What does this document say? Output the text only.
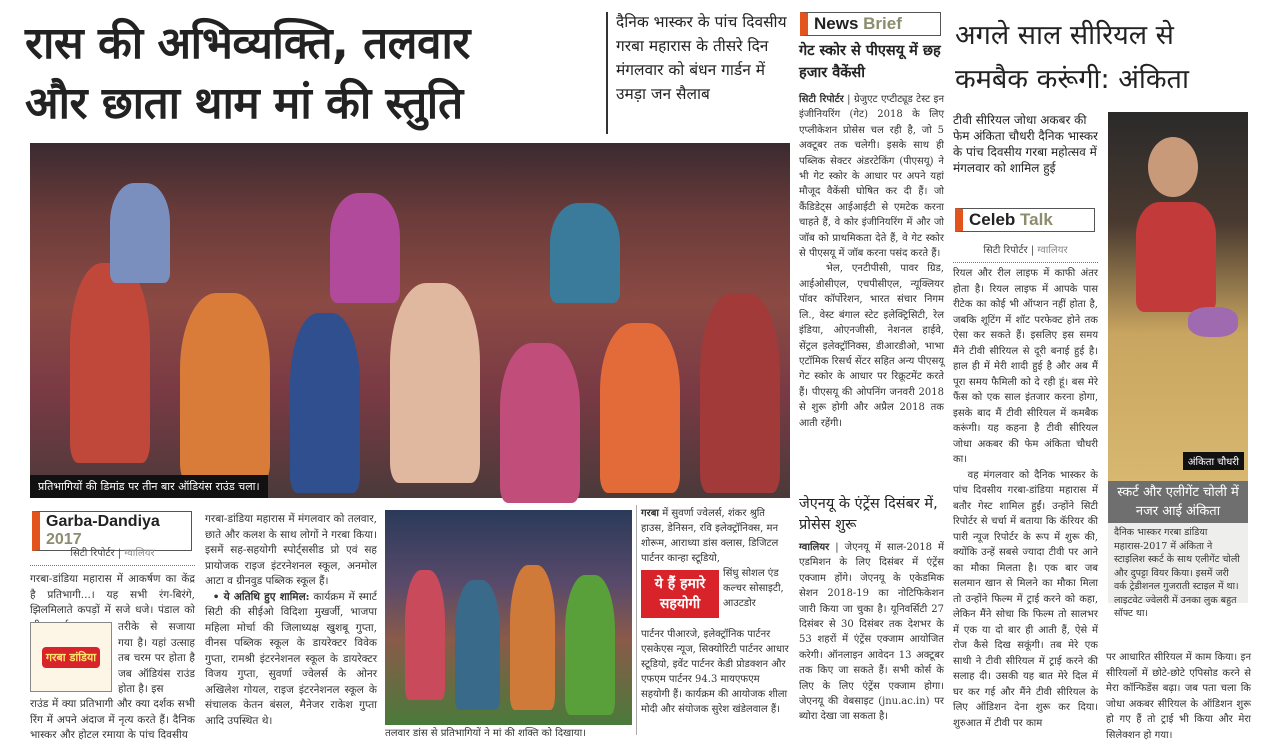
रास की अभिव्यक्ति, तलवार
और छाता थाम मां की स्तुति
दैनिक भास्कर के पांच दिवसीय गरबा महारास के तीसरे दिन मंगलवार को बंधन गार्डन में उमड़ा जन सैलाब
प्रतिभागियों की डिमांड पर तीन बार ऑडियंस राउंड चला।
Garba-Dandiya 2017
सिटी रिपोर्टर | ग्वालियर
गरबा-डांडिया महारास में आकर्षण का केंद्र है प्रतिभागी...। यह सभी रंग-बिरंगे, झिलमिलाते कपड़ों में सजे धजे। पंडाल को
गरबा डांडिया
तरीके से सजाया गया है। यहां उत्साह तब चरम पर होता है जब ऑडियंस राउंड होता है। इस
राउंड में क्या प्रतिभागी और क्या दर्शक सभी रिंग में अपने अंदाज में नृत्य करते हैं। दैनिक भास्कर और होटल रमाया के पांच दिवसीय
गरबा-डांडिया महारास में मंगलवार को तलवार, छाते और कलश के साथ लोगों ने गरबा किया। इसमें सह-सहयोगी स्पोर्ट्ससीड प्रो एवं सह प्रायोजक राइज इंटरनेशनल स्कूल, अनमोल आटा व ग्रीनवुड पब्लिक स्कूल हैं।
• ये अतिथि हुए शामिल: कार्यक्रम में स्मार्ट सिटी की सीईओ विदिशा मुखर्जी, भाजपा महिला मोर्चा की जिलाध्यक्ष खुशबू गुप्ता, वीनस पब्लिक स्कूल के डायरेक्टर विवेक गुप्ता, रामश्री इंटरनेशनल स्कूल के डायरेक्टर विजय गुप्ता, सुवर्णा ज्वेलर्स के ओनर अखिलेश गोयल, राइज इंटरनेशनल स्कूल के संचालक केतन बंसल, मैनेजर राकेश गुप्ता आदि उपस्थित थे।
तलवार डांस से प्रतिभागियों ने मां की शक्ति को दिखाया।
गरबा में सुवर्णा ज्वेलर्स, शंकर श्रुति हाउस, डेनिसन, रवि इलेक्ट्रॉनिक्स, मन शोरूम, आराध्या डांस क्लास, डिजिटल पार्टनर कान्हा स्टूडियो,
ये हैं हमारे सहयोगी
सिंधु सोशल एंड कल्चर सोसाइटी, आउटडोर
पार्टनर पीआरजे, इलेक्ट्रॉनिक पार्टनर एसकेएस न्यूज, सिक्योरिटी पार्टनर आधार स्टूडियो, इवेंट पार्टनर केडी प्रोडक्शन और एफएम पार्टनर 94.3 मायएफएम सहयोगी हैं। कार्यक्रम की आयोजक शीला मोदी और संयोजक सुरेश खंडेलवाल हैं।
News Brief
गेट स्कोर से पीएसयू में छह हजार वैकेंसी
सिटी रिपोर्टर | ग्रेजुएट एप्टीट्यूड टेस्ट इन इंजीनियरिंग (गेट) 2018 के लिए एप्लीकेशन प्रोसेस चल रही है, जो 5 अक्टूबर तक चलेगी। इसके साथ ही पब्लिक सेक्टर अंडरटेकिंग (पीएसयू) ने भी गेट स्कोर के आधार पर अपने यहां मौजूद वैकेंसी घोषित कर दी हैं। जो कैंडिडेट्स आईआईटी से एमटेक करना चाहते हैं, वे कोर इंजीनियरिंग में और जो जॉब को प्राथमिकता देते हैं, वे गेट स्कोर से पीएसयू में जॉब करना पसंद करते हैं।
भेल, एनटीपीसी, पावर ग्रिड, आईओसीएल, एचपीसीएल, न्यूक्लियर पॉवर कॉर्पोरेशन, भारत संचार निगम लि., वेस्ट बंगाल स्टेट इलेक्ट्रिसिटी, रेल इंडिया, ओएनजीसी, नेशनल हाईवे, सेंट्रल इलेक्ट्रॉनिक्स, डीआरडीओ, भाभा एटॉमिक रिसर्च सेंटर सहित अन्य पीएसयू गेट स्कोर के आधार पर रिक्रूटमेंट करते हैं। पीएसयू की ओपनिंग जनवरी 2018 से शुरू होगी और अप्रैल 2018 तक आती रहेंगी।
जेएनयू के एंट्रेंस दिसंबर में, प्रोसेस शुरू
ग्वालियर | जेएनयू में साल-2018 में एडमिशन के लिए दिसंबर में एंट्रेंस एक्जाम होंगे। जेएनयू के एकेडमिक सेशन 2018-19 का नोटिफिकेशन जारी किया जा चुका है। यूनिवर्सिटी 27 दिसंबर से 30 दिसंबर तक देशभर के 53 शहरों में एंट्रेंस एक्जाम आयोजित करेगी। ऑनलाइन आवेदन 13 अक्टूबर तक किए जा सकते हैं। सभी कोर्स के लिए के लिए एंट्रेंस एक्जाम होगा। जेएनयू की वेबसाइट (jnu.ac.in) पर ब्योरा देखा जा सकता है।
अगले साल सीरियल से
कमबैक करूंगी: अंकिता
टीवी सीरियल जोधा अकबर की फेम अंकिता चौधरी दैनिक भास्कर के पांच दिवसीय गरबा महोत्सव में मंगलवार को शामिल हुई
Celeb Talk
सिटी रिपोर्टर | ग्वालियर
रियल और रील लाइफ में काफी अंतर होता है। रियल लाइफ में आपके पास रीटेक का कोई भी ऑप्शन नहीं होता है, जबकि शूटिंग में शॉट परफेक्ट होने तक ऐसा कर सकते हैं। इसलिए इस समय मैंने टीवी सीरियल से दूरी बनाई हुई है। हाल ही में मेरी शादी हुई है और अब मैं पूरा समय फैमिली को दे रही हूं। बस मेरे फैंस को एक साल इंतजार करना होगा, इसके बाद मैं टीवी सीरियल में कमबैक करूंगी। यह कहना है टीवी सीरियल जोधा अकबर की फेम अंकिता चौधरी का।
वह मंगलवार को दैनिक भास्कर के पांच दिवसीय गरबा-डांडिया महारास में बतौर गेस्ट शामिल हुईं। उन्होंने सिटी रिपोर्टर से चर्चा में बताया कि कॅरियर की पारी न्यूज रिपोर्टर के रूप में शुरू की, क्योंकि उन्हें सबसे ज्यादा टीवी पर आने का मौका मिलता है। एक बार जब सलमान खान से मिलने का मौका मिला तो उन्होंने फिल्म में ट्राई करने को कहा, लेकिन मैंने सोचा कि फिल्म तो सालभर में एक या दो बार ही आती हैं, ऐसे में रोज कैसे दिख सकूंगी। तब मेरे एक साथी ने टीवी सीरियल में ट्राई करने की सलाह दी। उसकी यह बात मेरे दिल में घर कर गई और मैंने टीवी सीरियल के लिए ऑडिशन देना शुरू कर दिया। शुरुआत में टीवी पर काम
अंकिता चौधरी
स्कर्ट और एलीगेंट चोली में नजर आई अंकिता
दैनिक भास्कर गरबा डांडिया महारास-2017 में अंकिता ने स्टाइलिश स्कर्ट के साथ एलीगेंट चोली और दुपट्टा वियर किया। इसमें जरी वर्क ट्रेडीशनल गुजराती स्टाइल में था। लाइटवेट ज्वेलरी में उनका लुक बहुत सॉफ्ट था।
पर आधारित सीरियल में काम किया। इन सीरियलों में छोटे-छोटे एपिसोड करने से मेरा कॉन्फिडेंस बढ़ा। जब पता चला कि जोधा अकबर सीरियल के ऑडिशन शुरू हो गए हैं तो ट्राई भी किया और मेरा सिलेक्शन हो गया।
